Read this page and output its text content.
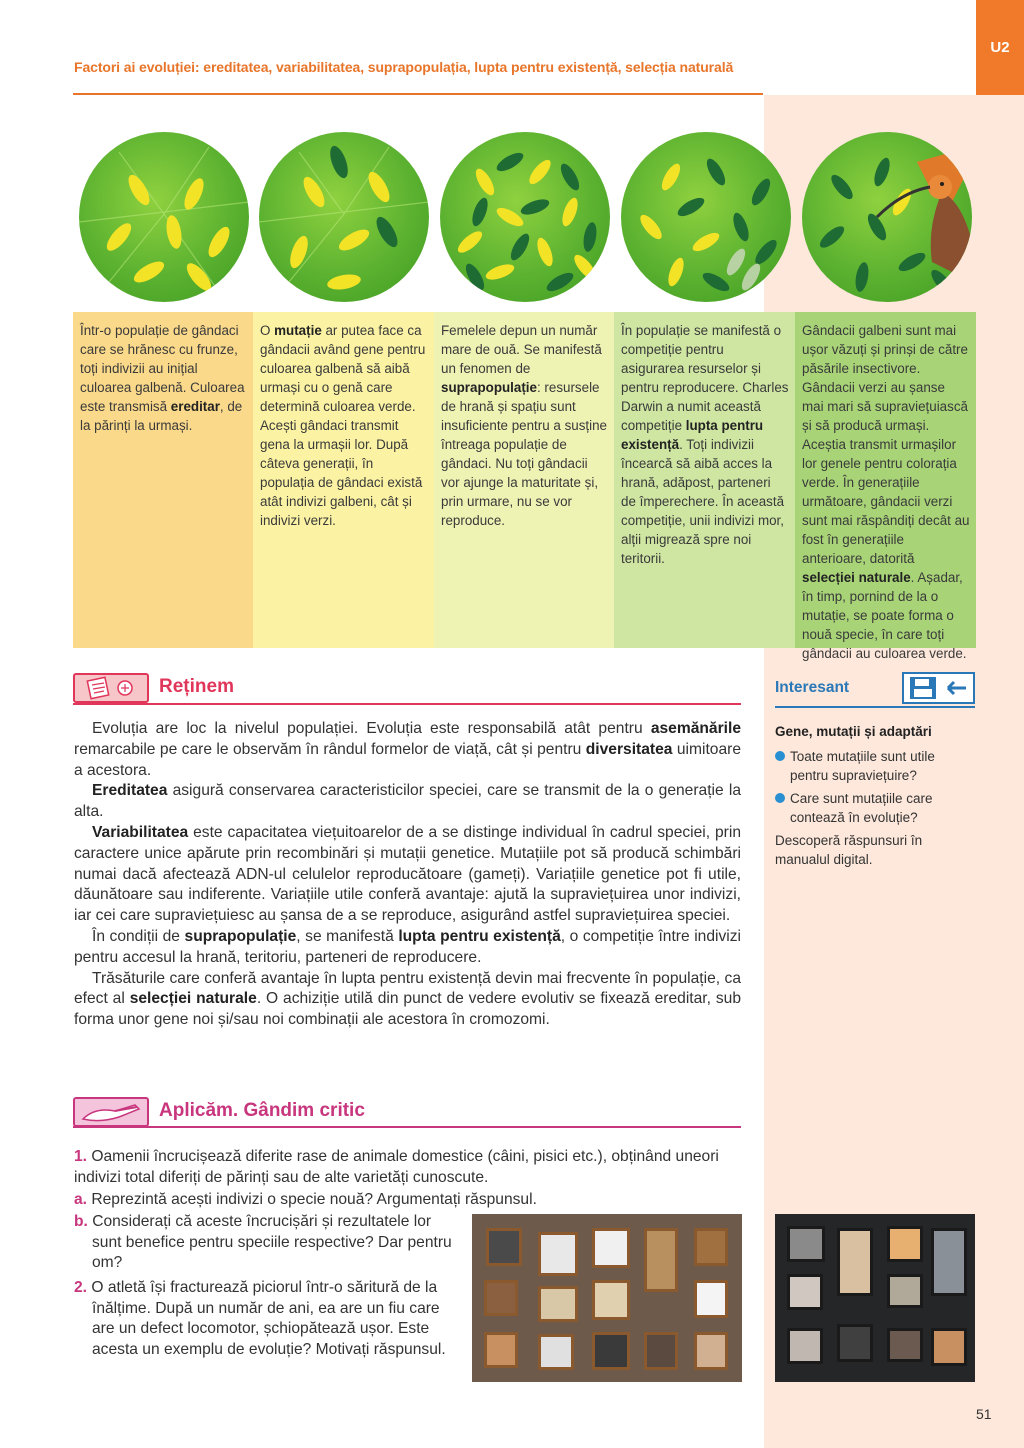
U2
Factori ai evoluției: ereditatea, variabilitatea, suprapopulația, lupta pentru existență, selecția naturală
Într-o populație de gândaci care se hrănesc cu frunze, toți indivizii au inițial culoarea galbenă. Culoarea este transmisă ereditar, de la părinți la urmași.
O mutație ar putea face ca gândacii având gene pentru culoarea galbenă să aibă urmași cu o genă care determină culoarea verde. Acești gândaci transmit gena la urmașii lor. După câteva generații, în populația de gândaci există atât indivizi galbeni, cât și indivizi verzi.
Femelele depun un număr mare de ouă. Se manifestă un fenomen de suprapopulație: resursele de hrană și spațiu sunt insuficiente pentru a susține întreaga populație de gândaci. Nu toți gândacii vor ajunge la maturitate și, prin urmare, nu se vor reproduce.
În populație se manifestă o competiție pentru asigurarea resurselor și pentru reproducere. Charles Darwin a numit această competiție lupta pentru existență. Toți indivizii încearcă să aibă acces la hrană, adăpost, parteneri de împerechere. În această competiție, unii indivizi mor, alții migrează spre noi teritorii.
Gândacii galbeni sunt mai ușor văzuți și prinși de către păsările insectivore. Gândacii verzi au șanse mai mari să supraviețuiască și să producă urmași. Aceștia transmit urmașilor lor genele pentru colorația verde. În generațiile următoare, gândacii verzi sunt mai răspândiți decât au fost în generațiile anterioare, datorită selecției naturale. Așadar, în timp, pornind de la o mutație, se poate forma o nouă specie, în care toți gândacii au culoarea verde.
Reținem

Evoluția are loc la nivelul populației. Evoluția este responsabilă atât pentru asemănările remarcabile pe care le observăm în rândul formelor de viață, cât și pentru diversitatea uimitoare a acestora.

Ereditatea asigură conservarea caracteristicilor speciei, care se transmit de la o generație la alta.

Variabilitatea este capacitatea viețuitoarelor de a se distinge individual în cadrul speciei, prin caractere unice apărute prin recombinări și mutații genetice. Mutațiile pot să producă schimbări numai dacă afectează ADN-ul celulelor reproducătoare (gameți). Variațiile genetice pot fi utile, dăunătoare sau indiferente. Variațiile utile conferă avantaje: ajută la supraviețuirea unor indivizi, iar cei care supraviețuiesc au șansa de a se reproduce, asigurând astfel supraviețuirea speciei.

În condiții de suprapopulație, se manifestă lupta pentru existență, o competiție între indivizi pentru accesul la hrană, teritoriu, parteneri de reproducere.

Trăsăturile care conferă avantaje în lupta pentru existență devin mai frecvente în populație, ca efect al selecției naturale. O achiziție utilă din punct de vedere evolutiv se fixează ereditar, sub forma unor gene noi și/sau noi combinații ale acestora în cromozomi.

Aplicăm. Gândim critic
1. Oamenii încrucișează diferite rase de animale domestice (câini, pisici etc.), obținând uneori indivizi total diferiți de părinți sau de alte varietăți cunoscute.
a. Reprezintă acești indivizi o specie nouă? Argumentați răspunsul.
b. Considerați că aceste încrucișări și rezultatele lor sunt benefice pentru speciile respective? Dar pentru om?
2. O atletă își fracturează piciorul într-o săritură de la înălțime. După un număr de ani, ea are un fiu care are un defect locomotor, șchiopătează ușor. Este acesta un exemplu de evoluție? Motivați răspunsul.
Interesant
Gene, mutații și adaptări
Toate mutațiile sunt utile pentru supraviețuire?
Care sunt mutațiile care contează în evoluție?
Descoperă răspunsuri în manualul digital.
51
